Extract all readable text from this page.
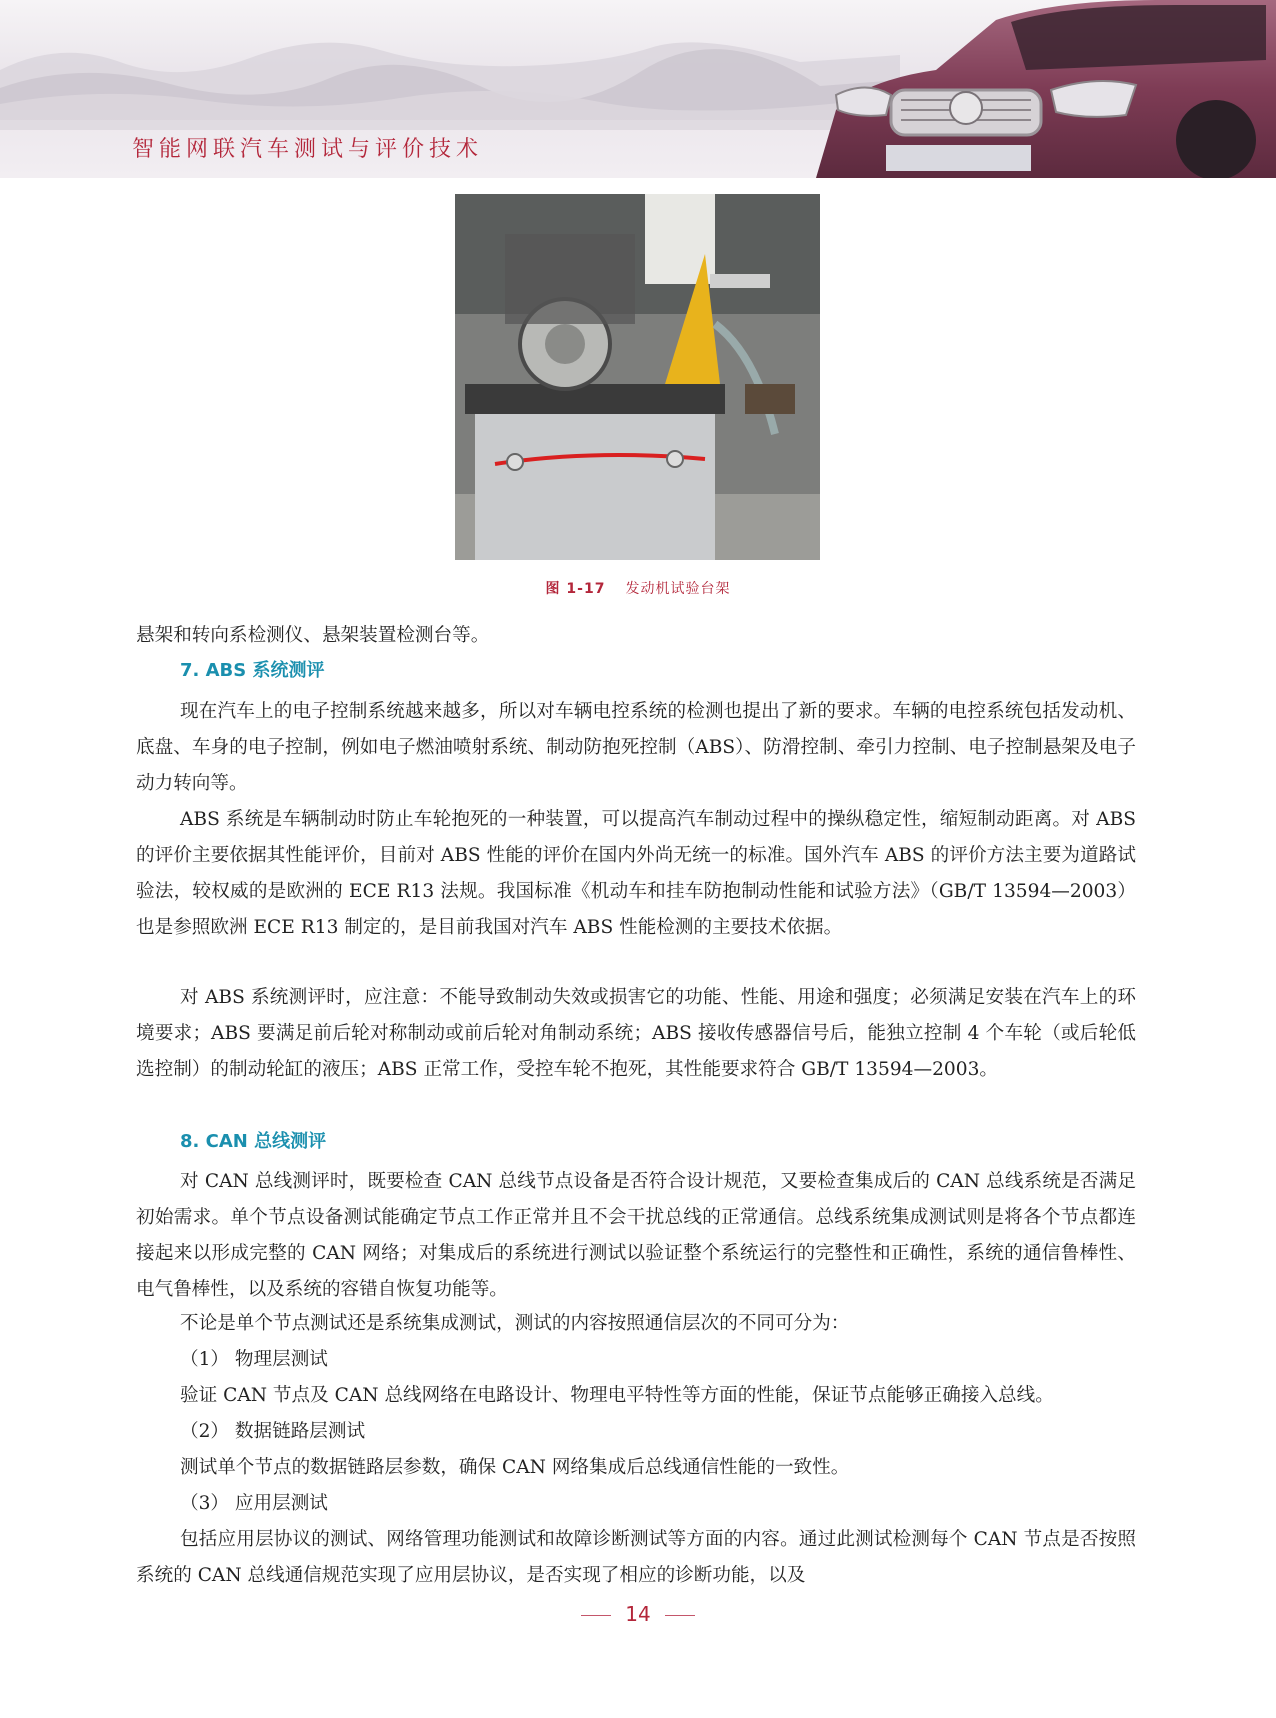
智能网联汽车测试与评价技术
图 1-17 发动机试验台架
悬架和转向系检测仪、悬架装置检测台等。
7. ABS 系统测评
现在汽车上的电子控制系统越来越多，所以对车辆电控系统的检测也提出了新的要求。车辆的电控系统包括发动机、底盘、车身的电子控制，例如电子燃油喷射系统、制动防抱死控制（ABS）、防滑控制、牵引力控制、电子控制悬架及电子动力转向等。
ABS 系统是车辆制动时防止车轮抱死的一种装置，可以提高汽车制动过程中的操纵稳定性，缩短制动距离。对 ABS 的评价主要依据其性能评价，目前对 ABS 性能的评价在国内外尚无统一的标准。国外汽车 ABS 的评价方法主要为道路试验法，较权威的是欧洲的 ECE R13 法规。我国标准《机动车和挂车防抱制动性能和试验方法》（GB/T 13594—2003）也是参照欧洲 ECE R13 制定的，是目前我国对汽车 ABS 性能检测的主要技术依据。
对 ABS 系统测评时，应注意：不能导致制动失效或损害它的功能、性能、用途和强度；必须满足安装在汽车上的环境要求；ABS 要满足前后轮对称制动或前后轮对角制动系统；ABS 接收传感器信号后，能独立控制 4 个车轮（或后轮低选控制）的制动轮缸的液压；ABS 正常工作，受控车轮不抱死，其性能要求符合 GB/T 13594—2003。
8. CAN 总线测评
对 CAN 总线测评时，既要检查 CAN 总线节点设备是否符合设计规范，又要检查集成后的 CAN 总线系统是否满足初始需求。单个节点设备测试能确定节点工作正常并且不会干扰总线的正常通信。总线系统集成测试则是将各个节点都连接起来以形成完整的 CAN 网络；对集成后的系统进行测试以验证整个系统运行的完整性和正确性，系统的通信鲁棒性、电气鲁棒性，以及系统的容错自恢复功能等。
不论是单个节点测试还是系统集成测试，测试的内容按照通信层次的不同可分为：
（1） 物理层测试
验证 CAN 节点及 CAN 总线网络在电路设计、物理电平特性等方面的性能，保证节点能够正确接入总线。
（2） 数据链路层测试
测试单个节点的数据链路层参数，确保 CAN 网络集成后总线通信性能的一致性。
（3） 应用层测试
包括应用层协议的测试、网络管理功能测试和故障诊断测试等方面的内容。通过此测试检测每个 CAN 节点是否按照系统的 CAN 总线通信规范实现了应用层协议，是否实现了相应的诊断功能，以及
14
